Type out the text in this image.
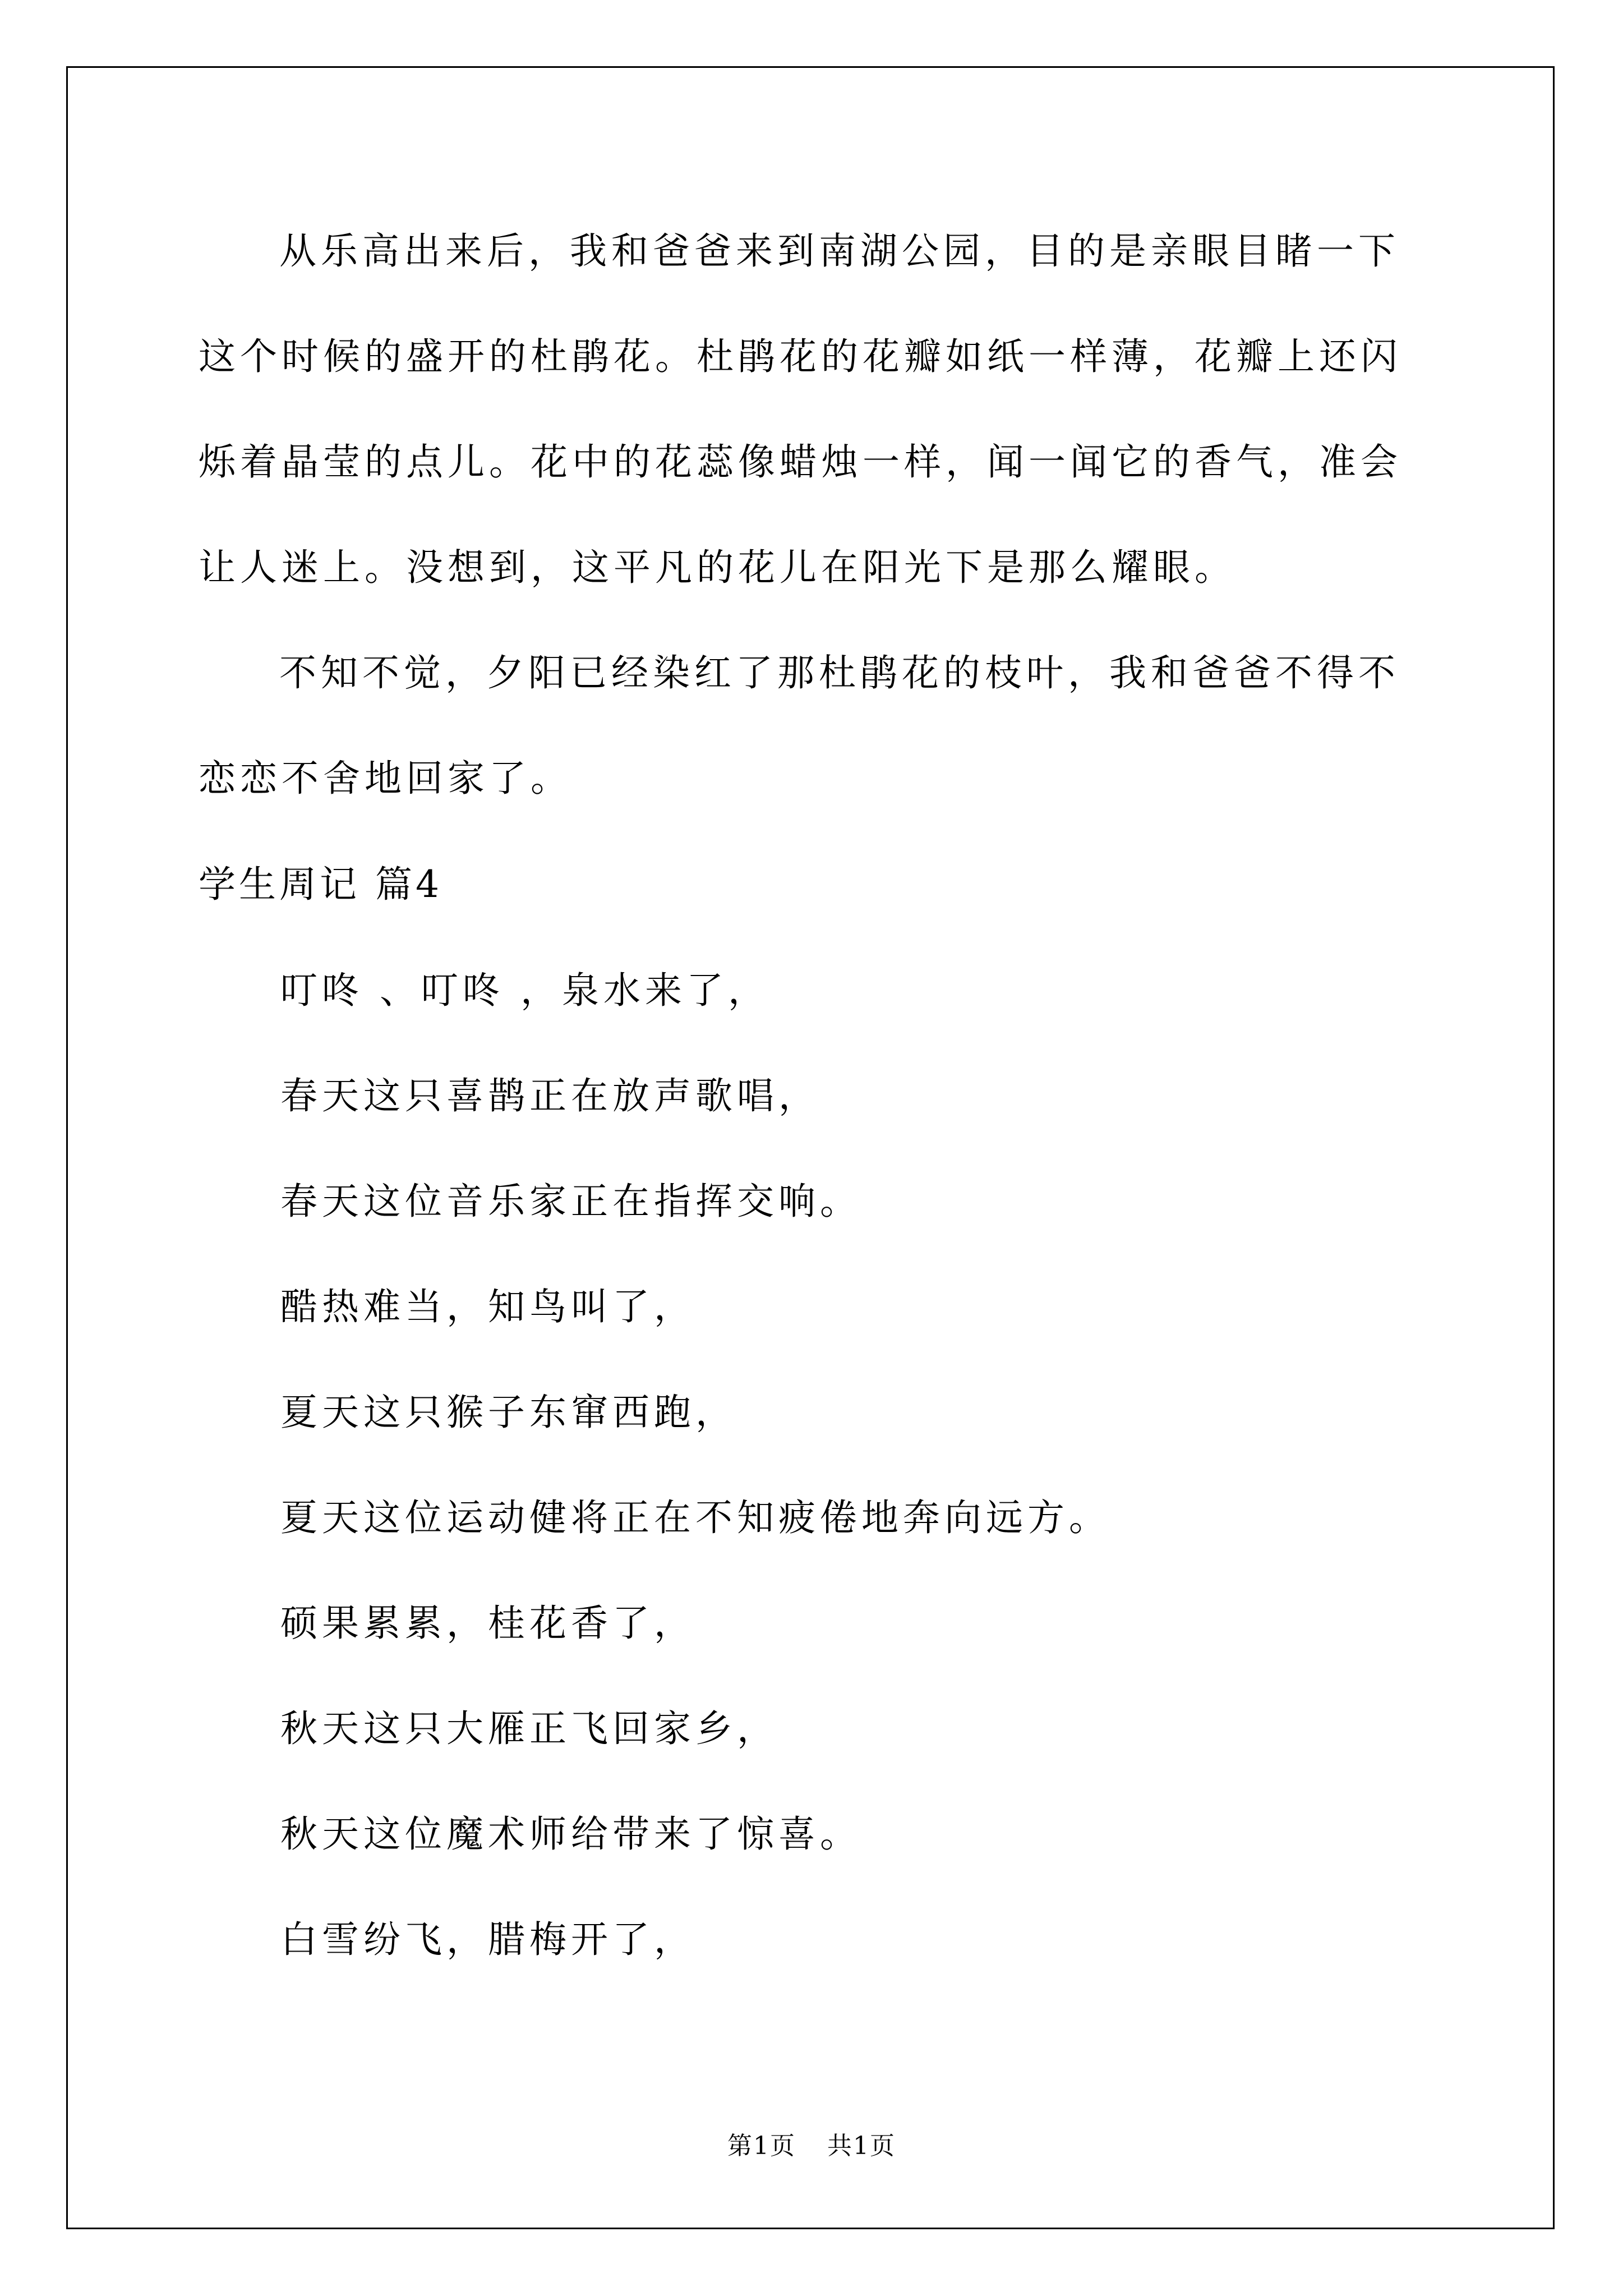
从乐高出来后，我和爸爸来到南湖公园，目的是亲眼目睹一下这个时候的盛开的杜鹃花。杜鹃花的花瓣如纸一样薄，花瓣上还闪烁着晶莹的点儿。花中的花蕊像蜡烛一样，闻一闻它的香气，准会让人迷上。没想到，这平凡的花儿在阳光下是那么耀眼。

不知不觉，夕阳已经染红了那杜鹃花的枝叶，我和爸爸不得不恋恋不舍地回家了。

学生周记 篇4

叮咚 、叮咚 ，泉水来了，

春天这只喜鹊正在放声歌唱，

春天这位音乐家正在指挥交响。

酷热难当，知鸟叫了，

夏天这只猴子东窜西跑，

夏天这位运动健将正在不知疲倦地奔向远方。

硕果累累，桂花香了，

秋天这只大雁正飞回家乡，

秋天这位魔术师给带来了惊喜。

白雪纷飞，腊梅开了，

第1页 共1页
